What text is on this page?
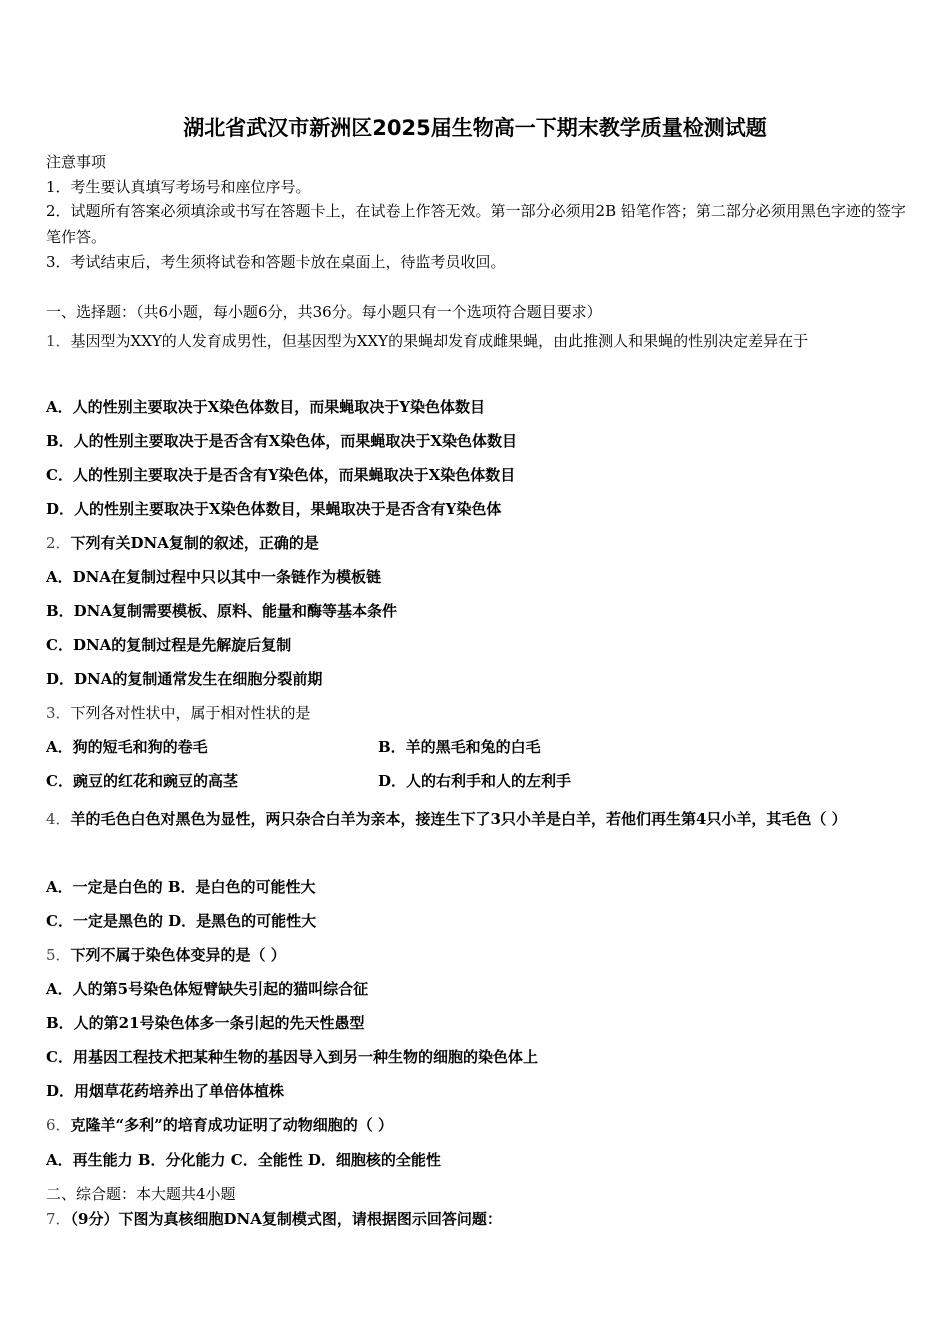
湖北省武汉市新洲区2025届生物高一下期末教学质量检测试题
注意事项
1．考生要认真填写考场号和座位序号。
2．试题所有答案必须填涂或书写在答题卡上，在试卷上作答无效。第一部分必须用2B 铅笔作答；第二部分必须用黑色字迹的签字笔作答。
3．考试结束后，考生须将试卷和答题卡放在桌面上，待监考员收回。
一、选择题：（共6小题，每小题6分，共36分。每小题只有一个选项符合题目要求）
1．基因型为XXY的人发育成男性，但基因型为XXY的果蝇却发育成雌果蝇，由此推测人和果蝇的性别决定差异在于
A．人的性别主要取决于X染色体数目，而果蝇取决于Y染色体数目
B．人的性别主要取决于是否含有X染色体，而果蝇取决于X染色体数目
C．人的性别主要取决于是否含有Y染色体，而果蝇取决于X染色体数目
D．人的性别主要取决于X染色体数目，果蝇取决于是否含有Y染色体
2．下列有关DNA复制的叙述，正确的是
A．DNA在复制过程中只以其中一条链作为模板链
B．DNA复制需要模板、原料、能量和酶等基本条件
C．DNA的复制过程是先解旋后复制
D．DNA的复制通常发生在细胞分裂前期
3．下列各对性状中，属于相对性状的是
A．狗的短毛和狗的卷毛	B．羊的黑毛和兔的白毛
C．豌豆的红花和豌豆的高茎	D．人的右利手和人的左利手
4．羊的毛色白色对黑色为显性，两只杂合白羊为亲本，接连生下了3只小羊是白羊，若他们再生第4只小羊，其毛色（ ）
A．一定是白色的 B．是白色的可能性大
C．一定是黑色的 D．是黑色的可能性大
5．下列不属于染色体变异的是（ ）
A．人的第5号染色体短臂缺失引起的猫叫综合征
B．人的第21号染色体多一条引起的先天性愚型
C．用基因工程技术把某种生物的基因导入到另一种生物的细胞的染色体上
D．用烟草花药培养出了单倍体植株
6．克隆羊“多利”的培育成功证明了动物细胞的（ ）
A．再生能力 B．分化能力 C．全能性 D．细胞核的全能性
二、综合题：本大题共4小题
7．（9分）下图为真核细胞DNA复制模式图，请根据图示回答问题：
